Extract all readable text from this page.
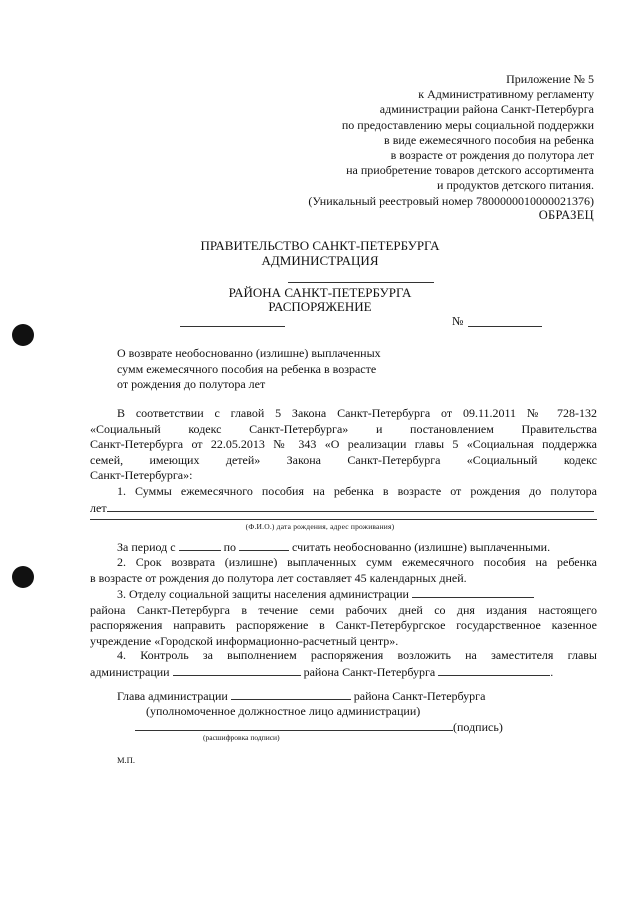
Приложение № 5
к Административному регламенту
администрации района Санкт-Петербурга
по предоставлению меры социальной поддержки
в виде ежемесячного пособия на ребенка
в возрасте от рождения до полутора лет
на приобретение товаров детского ассортимента
и продуктов детского питания.
(Уникальный реестровый номер 7800000010000021376)
ОБРАЗЕЦ
ПРАВИТЕЛЬСТВО САНКТ-ПЕТЕРБУРГА
АДМИНИСТРАЦИЯ
РАЙОНА САНКТ-ПЕТЕРБУРГА
РАСПОРЯЖЕНИЕ
№
О возврате необоснованно (излишне) выплаченных
сумм ежемесячного пособия на ребенка в возрасте
от рождения до полутора лет
В соответствии с главой 5 Закона Санкт-Петербурга от 09.11.2011 № 728-132
«Социальный кодекс Санкт-Петербурга» и постановлением Правительства
Санкт-Петербурга от 22.05.2013 № 343 «О реализации главы 5 «Социальная поддержка
семей, имеющих детей» Закона Санкт-Петербурга «Социальный кодекс
Санкт-Петербурга»:
1. Суммы ежемесячного пособия на ребенка в возрасте от рождения до полутора
лет
(Ф.И.О.) дата рождения, адрес проживания)
За период с	по	считать необоснованно (излишне) выплаченными.
2. Срок возврата (излишне) выплаченных сумм ежемесячного пособия на ребенка
в возрасте от рождения до полутора лет составляет 45 календарных дней.
3. Отделу социальной защиты населения администрации
района Санкт-Петербурга в течение семи рабочих дней со дня издания настоящего
распоряжения направить распоряжение в Санкт-Петербургское государственное казенное
учреждение «Городской информационно-расчетный центр».
4. Контроль за выполнением распоряжения возложить на заместителя главы
администрации	района Санкт-Петербурга	.
Глава администрации	района Санкт-Петербурга
(уполномоченное должностное лицо администрации)
(подпись)
(расшифровка подписи)
М.П.
